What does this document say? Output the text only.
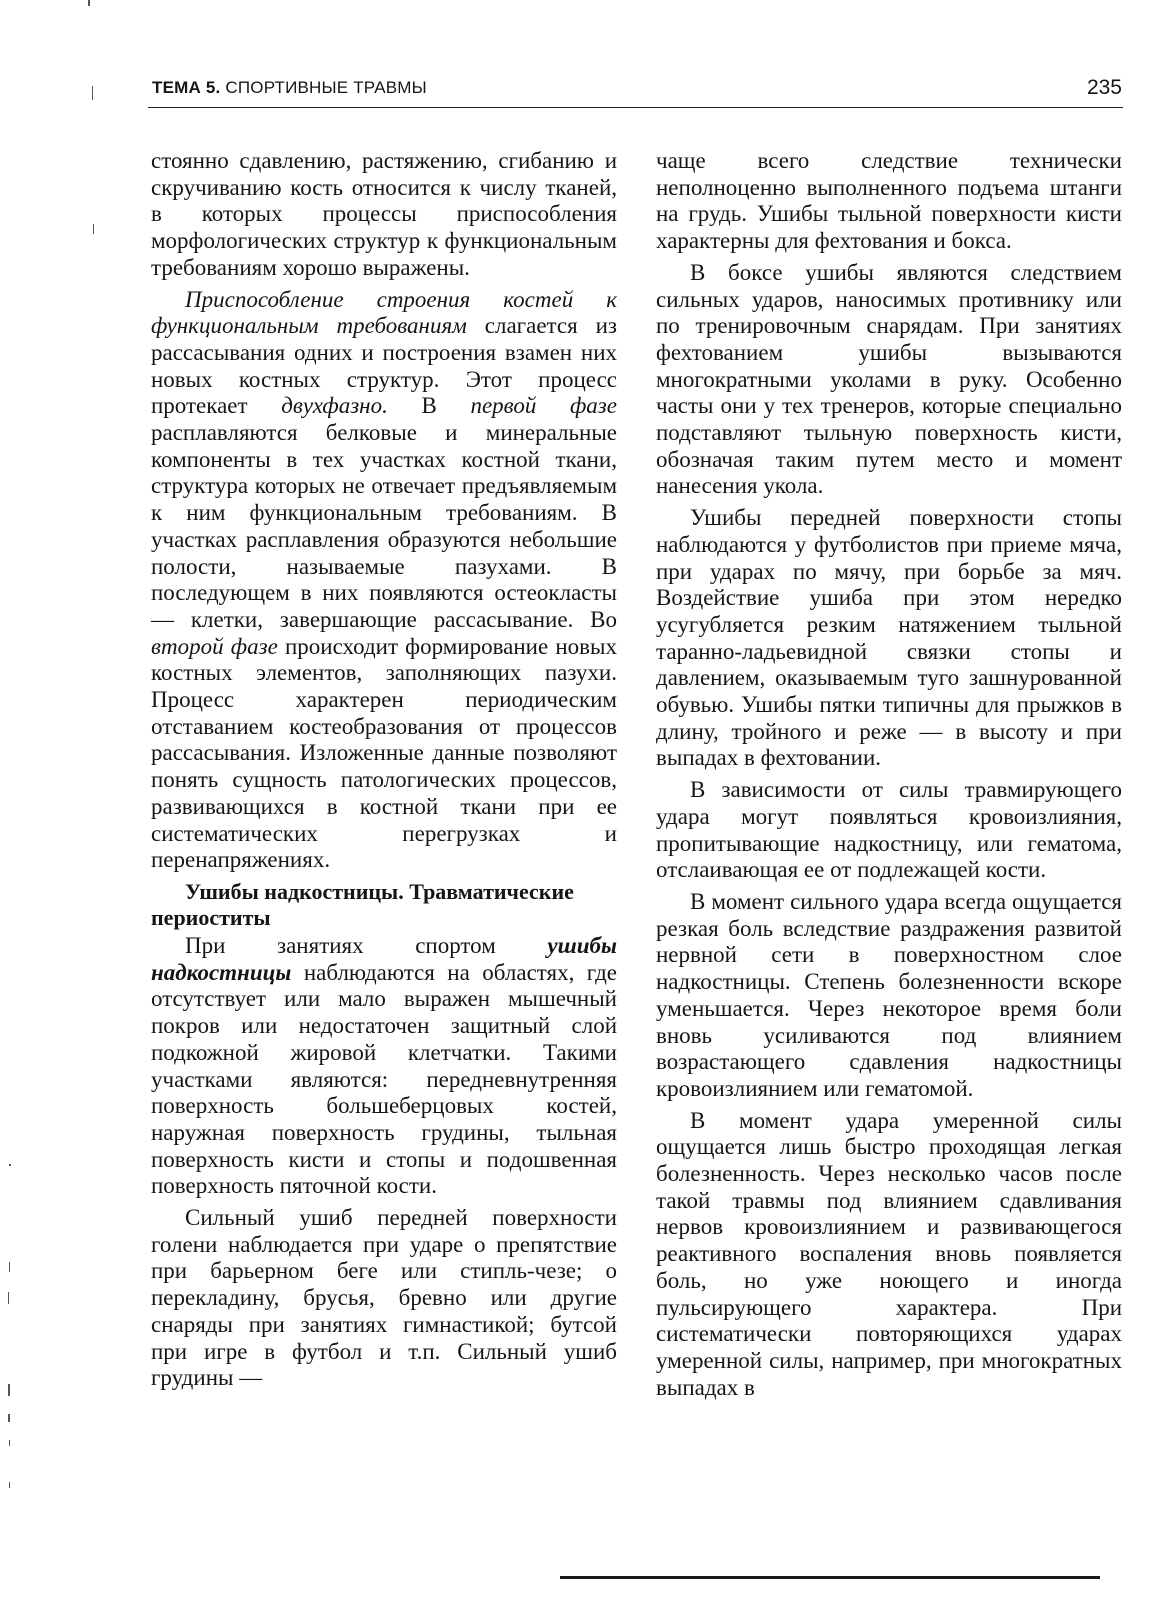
ТЕМА 5. СПОРТИВНЫЕ ТРАВМЫ	235

стоянно сдавлению, растяжению, сгибанию и скручиванию кость относится к числу тканей, в которых процессы приспособления морфологических структур к функциональным требованиям хорошо выражены.

Приспособление строения костей к функциональным требованиям слагается из рассасывания одних и построения взамен них новых костных структур. Этот процесс протекает двухфазно. В первой фазе расплавляются белковые и минеральные компоненты в тех участках костной ткани, структура которых не отвечает предъявляемым к ним функциональным требованиям. В участках расплавления образуются небольшие полости, называемые пазухами. В последующем в них появляются остеокласты — клетки, завершающие рассасывание. Во второй фазе происходит формирование новых костных элементов, заполняющих пазухи. Процесс характерен периодическим отставанием костеобразования от процессов рассасывания. Изложенные данные позволяют понять сущность патологических процессов, развивающихся в костной ткани при ее систематических перегрузках и перенапряжениях.

Ушибы надкостницы. Травматические периоститы

При занятиях спортом ушибы надкостницы наблюдаются на областях, где отсутствует или мало выражен мышечный покров или недостаточен защитный слой подкожной жировой клетчатки. Такими участками являются: передневнутренняя поверхность большеберцовых костей, наружная поверхность грудины, тыльная поверхность кисти и стопы и подошвенная поверхность пяточной кости.

Сильный ушиб передней поверхности голени наблюдается при ударе о препятствие при барьерном беге или стипль-чезе; о перекладину, брусья, бревно или другие снаряды при занятиях гимнастикой; бутсой при игре в футбол и т.п. Сильный ушиб грудины —

чаще всего следствие технически неполноценно выполненного подъема штанги на грудь. Ушибы тыльной поверхности кисти характерны для фехтования и бокса.

В боксе ушибы являются следствием сильных ударов, наносимых противнику или по тренировочным снарядам. При занятиях фехтованием ушибы вызываются многократными уколами в руку. Особенно часты они у тех тренеров, которые специально подставляют тыльную поверхность кисти, обозначая таким путем место и момент нанесения укола.

Ушибы передней поверхности стопы наблюдаются у футболистов при приеме мяча, при ударах по мячу, при борьбе за мяч. Воздействие ушиба при этом нередко усугубляется резким натяжением тыльной таранно-ладьевидной связки стопы и давлением, оказываемым туго зашнурованной обувью. Ушибы пятки типичны для прыжков в длину, тройного и реже — в высоту и при выпадах в фехтовании.

В зависимости от силы травмирующего удара могут появляться кровоизлияния, пропитывающие надкостницу, или гематома, отслаивающая ее от подлежащей кости.

В момент сильного удара всегда ощущается резкая боль вследствие раздражения развитой нервной сети в поверхностном слое надкостницы. Степень болезненности вскоре уменьшается. Через некоторое время боли вновь усиливаются под влиянием возрастающего сдавления надкостницы кровоизлиянием или гематомой.

В момент удара умеренной силы ощущается лишь быстро проходящая легкая болезненность. Через несколько часов после такой травмы под влиянием сдавливания нервов кровоизлиянием и развивающегося реактивного воспаления вновь появляется боль, но уже ноющего и иногда пульсирующего характера. При систематически повторяющихся ударах умеренной силы, например, при многократных выпадах в
